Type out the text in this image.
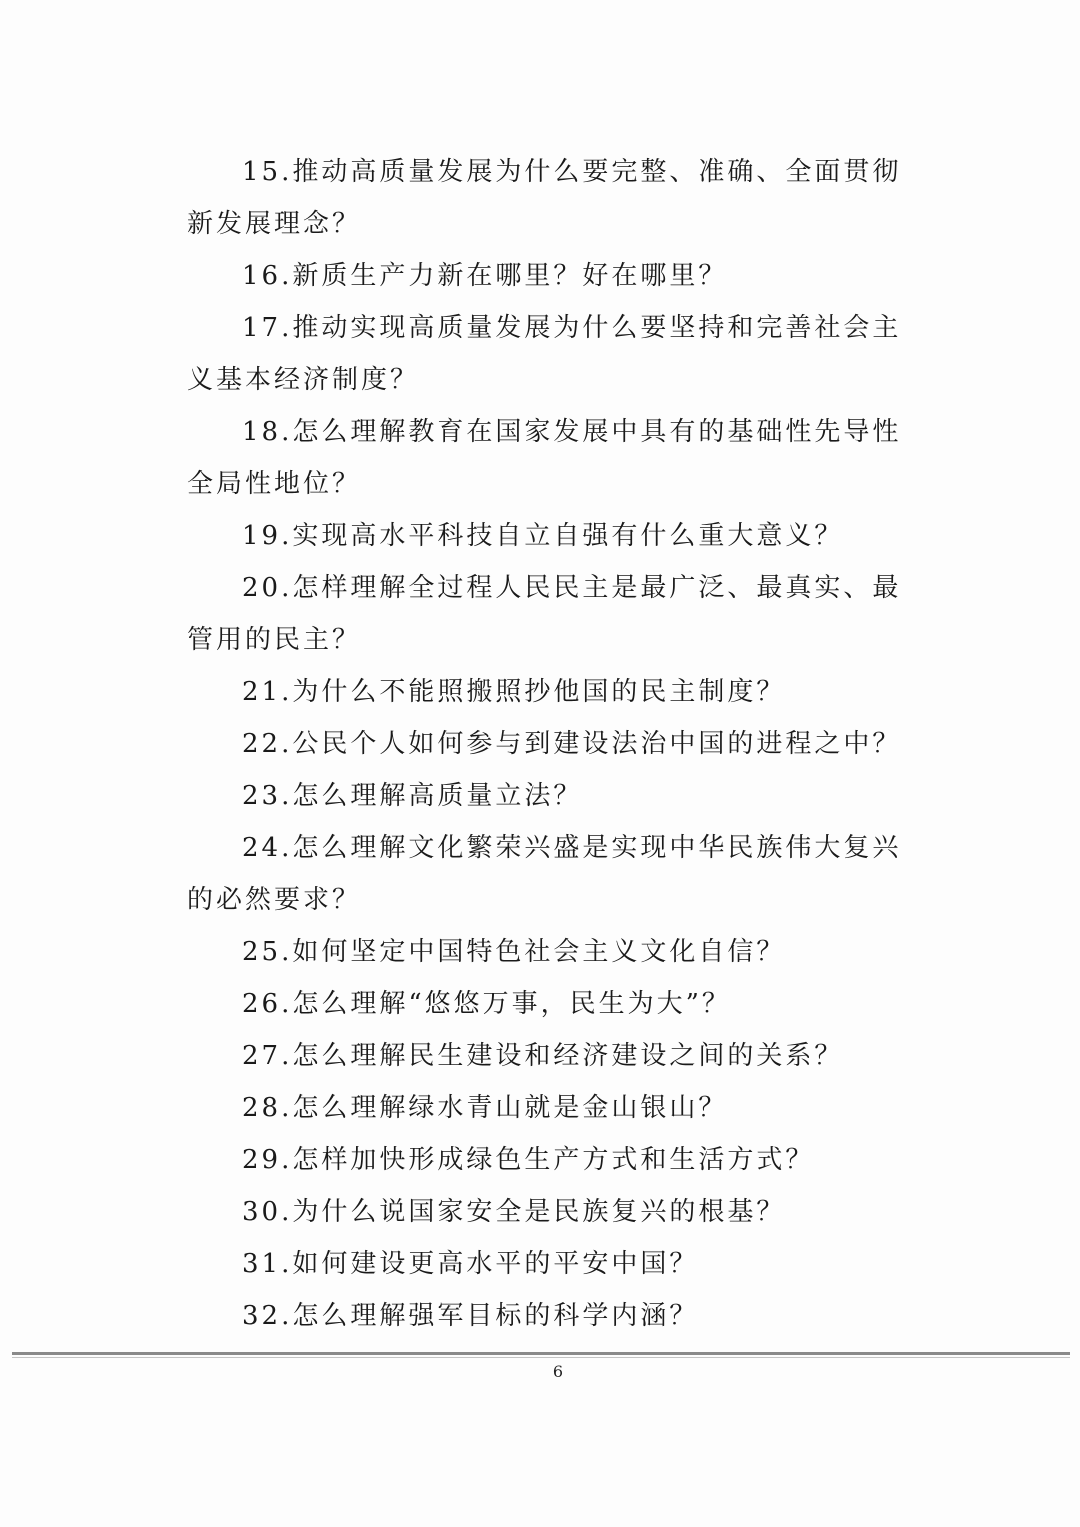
15.推动高质量发展为什么要完整、准确、全面贯彻新发展理念？

16.新质生产力新在哪里？好在哪里？

17.推动实现高质量发展为什么要坚持和完善社会主义基本经济制度？

18.怎么理解教育在国家发展中具有的基础性先导性全局性地位？

19.实现高水平科技自立自强有什么重大意义？

20.怎样理解全过程人民民主是最广泛、最真实、最管用的民主？

21.为什么不能照搬照抄他国的民主制度？

22.公民个人如何参与到建设法治中国的进程之中？

23.怎么理解高质量立法？

24.怎么理解文化繁荣兴盛是实现中华民族伟大复兴的必然要求？

25.如何坚定中国特色社会主义文化自信？

26.怎么理解“悠悠万事，民生为大”？

27.怎么理解民生建设和经济建设之间的关系？

28.怎么理解绿水青山就是金山银山？

29.怎样加快形成绿色生产方式和生活方式？

30.为什么说国家安全是民族复兴的根基？

31.如何建设更高水平的平安中国？

32.怎么理解强军目标的科学内涵？

6
